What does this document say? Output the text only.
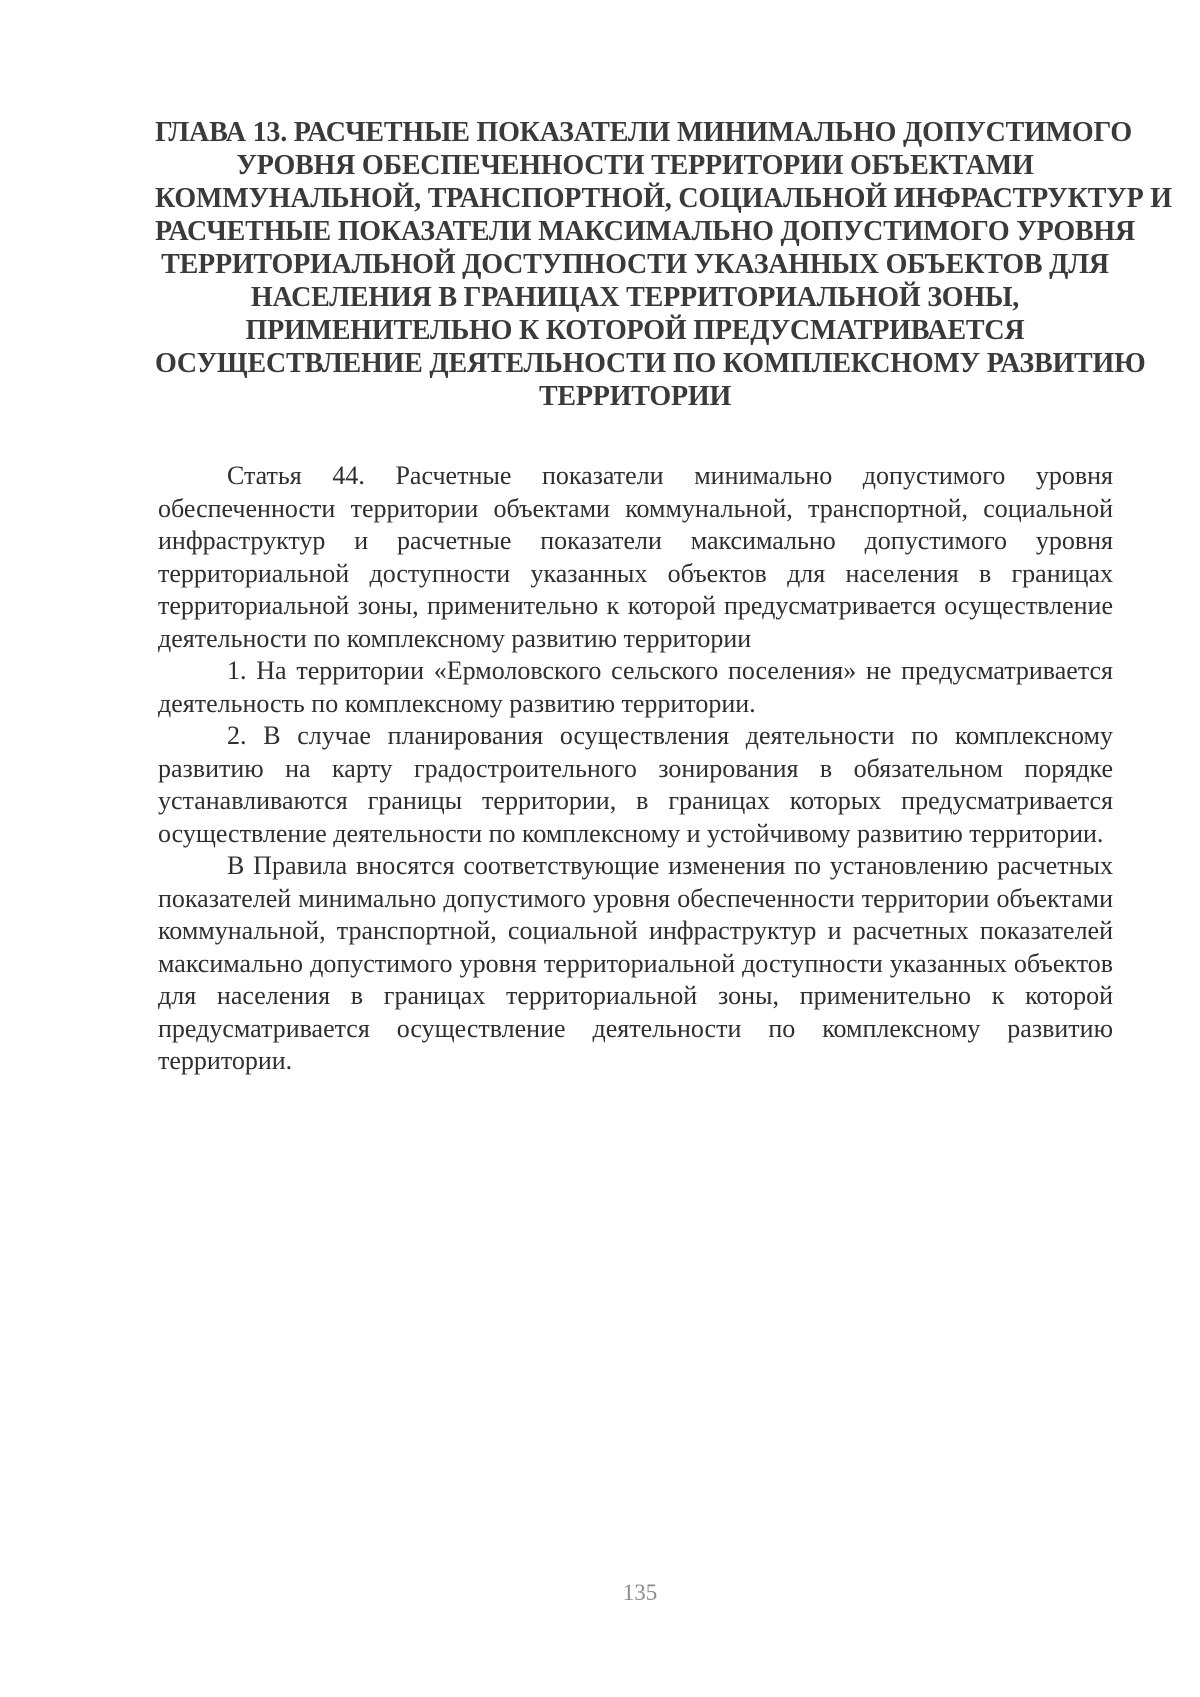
ГЛАВА 13. РАСЧЕТНЫЕ ПОКАЗАТЕЛИ МИНИМАЛЬНО ДОПУСТИМОГО
УРОВНЯ ОБЕСПЕЧЕННОСТИ ТЕРРИТОРИИ ОБЪЕКТАМИ
КОММУНАЛЬНОЙ, ТРАНСПОРТНОЙ, СОЦИАЛЬНОЙ ИНФРАСТРУКТУР И
РАСЧЕТНЫЕ ПОКАЗАТЕЛИ МАКСИМАЛЬНО ДОПУСТИМОГО УРОВНЯ
ТЕРРИТОРИАЛЬНОЙ ДОСТУПНОСТИ УКАЗАННЫХ ОБЪЕКТОВ ДЛЯ
НАСЕЛЕНИЯ В ГРАНИЦАХ ТЕРРИТОРИАЛЬНОЙ ЗОНЫ,
ПРИМЕНИТЕЛЬНО К КОТОРОЙ ПРЕДУСМАТРИВАЕТСЯ
ОСУЩЕСТВЛЕНИЕ ДЕЯТЕЛЬНОСТИ ПО КОМПЛЕКСНОМУ РАЗВИТИЮ
ТЕРРИТОРИИ

Статья 44. Расчетные показатели минимально допустимого уровня обеспеченности территории объектами коммунальной, транспортной, социальной инфраструктур и расчетные показатели максимально допустимого уровня территориальной доступности указанных объектов для населения в границах территориальной зоны, применительно к которой предусматривается осуществление деятельности по комплексному развитию территории

1. На территории «Ермоловского сельского поселения» не предусматривается деятельность по комплексному развитию территории.

2. В случае планирования осуществления деятельности по комплексному развитию на карту градостроительного зонирования в обязательном порядке устанавливаются границы территории, в границах которых предусматривается осуществление деятельности по комплексному и устойчивому развитию территории.

В Правила вносятся соответствующие изменения по установлению расчетных показателей минимально допустимого уровня обеспеченности территории объектами коммунальной, транспортной, социальной инфраструктур и расчетных показателей максимально допустимого уровня территориальной доступности указанных объектов для населения в границах территориальной зоны, применительно к которой предусматривается осуществление деятельности по комплексному развитию территории.

135
